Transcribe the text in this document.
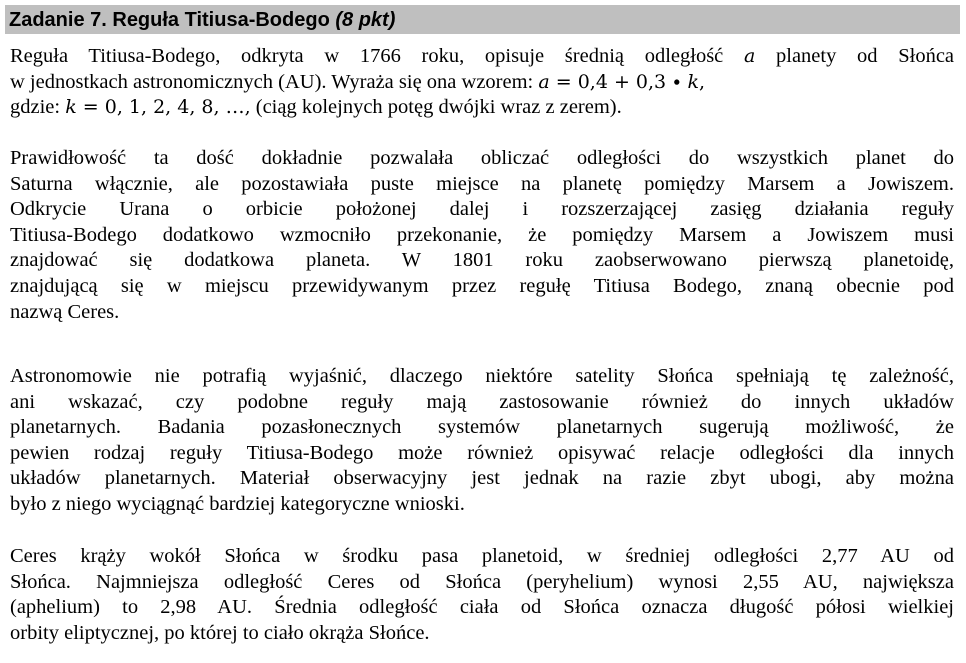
Zadanie 7. Reguła Titiusa-Bodego (8 pkt)
Reguła Titiusa-Bodego, odkryta w 1766 roku, opisuje średnią odległość a planety od Słońca
w jednostkach astronomicznych (AU). Wyraża się ona wzorem: a = 0,4 + 0,3 ∙ k,
gdzie: k = 0, 1, 2, 4, 8, …, (ciąg kolejnych potęg dwójki wraz z zerem).
Prawidłowość ta dość dokładnie pozwalała obliczać odległości do wszystkich planet do
Saturna włącznie, ale pozostawiała puste miejsce na planetę pomiędzy Marsem a Jowiszem.
Odkrycie Urana o orbicie położonej dalej i rozszerzającej zasięg działania reguły
Titiusa-Bodego dodatkowo wzmocniło przekonanie, że pomiędzy Marsem a Jowiszem musi
znajdować się dodatkowa planeta. W 1801 roku zaobserwowano pierwszą planetoidę,
znajdującą się w miejscu przewidywanym przez regułę Titiusa Bodego, znaną obecnie pod
nazwą Ceres.
Astronomowie nie potrafią wyjaśnić, dlaczego niektóre satelity Słońca spełniają tę zależność,
ani wskazać, czy podobne reguły mają zastosowanie również do innych układów
planetarnych. Badania pozasłonecznych systemów planetarnych sugerują możliwość, że
pewien rodzaj reguły Titiusa-Bodego może również opisywać relacje odległości dla innych
układów planetarnych. Materiał obserwacyjny jest jednak na razie zbyt ubogi, aby można
było z niego wyciągnąć bardziej kategoryczne wnioski.
Ceres krąży wokół Słońca w środku pasa planetoid, w średniej odległości 2,77 AU od
Słońca. Najmniejsza odległość Ceres od Słońca (peryhelium) wynosi 2,55 AU, największa
(aphelium) to 2,98 AU. Średnia odległość ciała od Słońca oznacza długość półosi wielkiej
orbity eliptycznej, po której to ciało okrąża Słońce.
